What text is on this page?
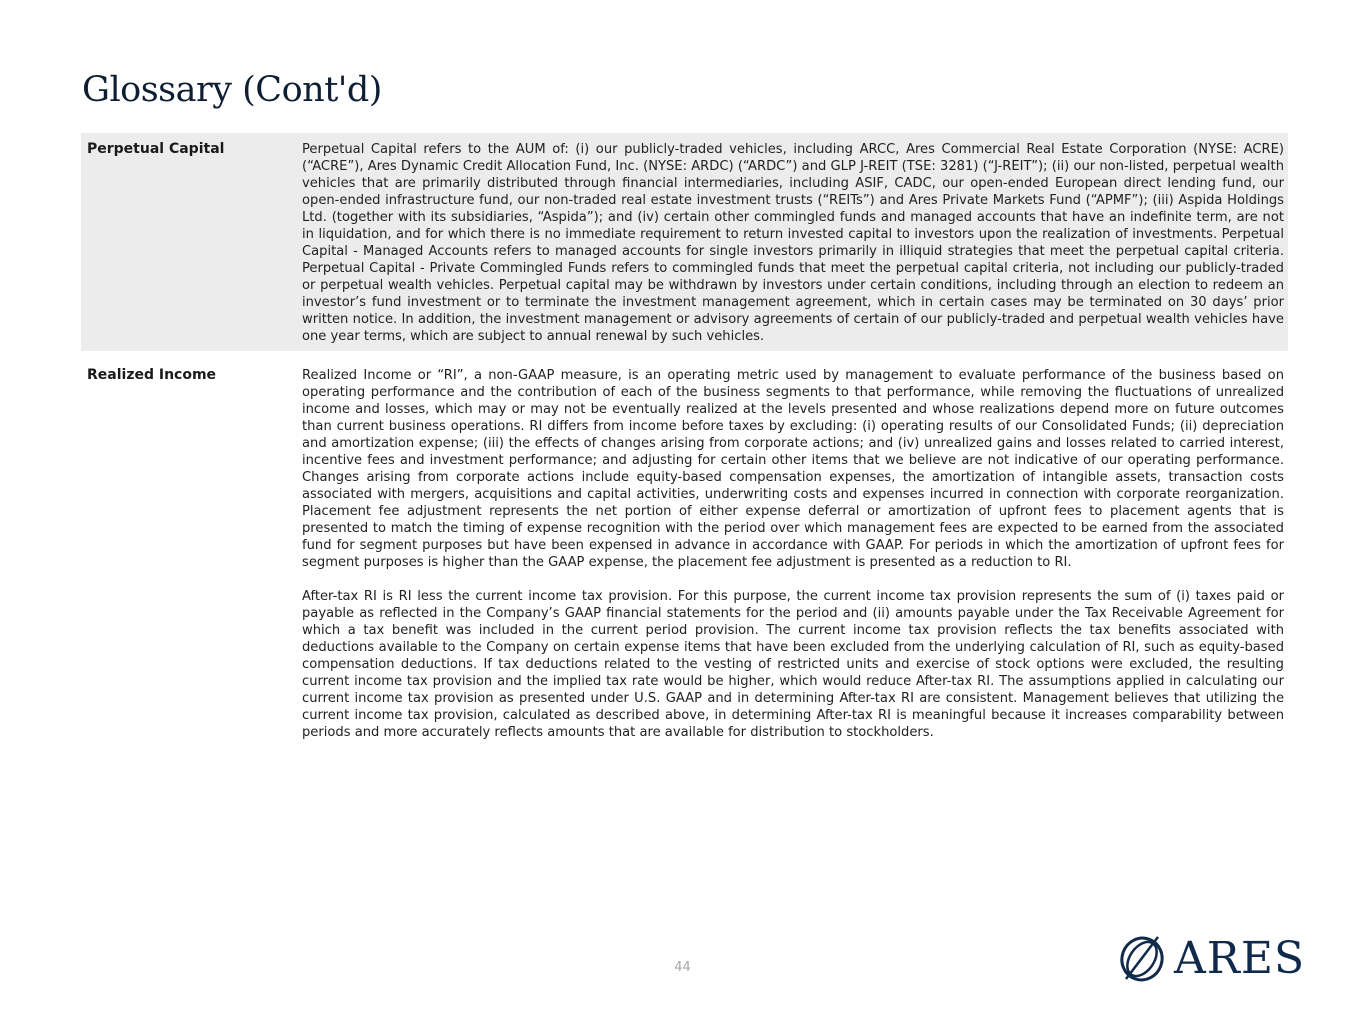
Glossary (Cont'd)
Perpetual Capital	Perpetual Capital refers to the AUM of: (i) our publicly-traded vehicles, including ARCC, Ares Commercial Real Estate Corporation (NYSE: ACRE) (“ACRE”), Ares Dynamic Credit Allocation Fund, Inc. (NYSE: ARDC) (“ARDC”) and GLP J-REIT (TSE: 3281) (“J-REIT”); (ii) our non-listed, perpetual wealth vehicles that are primarily distributed through financial intermediaries, including ASIF, CADC, our open-ended European direct lending fund, our open-ended infrastructure fund, our non-traded real estate investment trusts (“REITs”) and Ares Private Markets Fund (“APMF”); (iii) Aspida Holdings Ltd. (together with its subsidiaries, “Aspida”); and (iv) certain other commingled funds and managed accounts that have an indefinite term, are not in liquidation, and for which there is no immediate requirement to return invested capital to investors upon the realization of investments. Perpetual Capital - Managed Accounts refers to managed accounts for single investors primarily in illiquid strategies that meet the perpetual capital criteria. Perpetual Capital - Private Commingled Funds refers to commingled funds that meet the perpetual capital criteria, not including our publicly-traded or perpetual wealth vehicles. Perpetual capital may be withdrawn by investors under certain conditions, including through an election to redeem an investor’s fund investment or to terminate the investment management agreement, which in certain cases may be terminated on 30 days’ prior written notice. In addition, the investment management or advisory agreements of certain of our publicly-traded and perpetual wealth vehicles have one year terms, which are subject to annual renewal by such vehicles.

Realized Income	Realized Income or “RI”, a non-GAAP measure, is an operating metric used by management to evaluate performance of the business based on operating performance and the contribution of each of the business segments to that performance, while removing the fluctuations of unrealized income and losses, which may or may not be eventually realized at the levels presented and whose realizations depend more on future outcomes than current business operations. RI differs from income before taxes by excluding: (i) operating results of our Consolidated Funds; (ii) depreciation and amortization expense; (iii) the effects of changes arising from corporate actions; and (iv) unrealized gains and losses related to carried interest, incentive fees and investment performance; and adjusting for certain other items that we believe are not indicative of our operating performance. Changes arising from corporate actions include equity-based compensation expenses, the amortization of intangible assets, transaction costs associated with mergers, acquisitions and capital activities, underwriting costs and expenses incurred in connection with corporate reorganization. Placement fee adjustment represents the net portion of either expense deferral or amortization of upfront fees to placement agents that is presented to match the timing of expense recognition with the period over which management fees are expected to be earned from the associated fund for segment purposes but have been expensed in advance in accordance with GAAP. For periods in which the amortization of upfront fees for segment purposes is higher than the GAAP expense, the placement fee adjustment is presented as a reduction to RI.

After-tax RI is RI less the current income tax provision. For this purpose, the current income tax provision represents the sum of (i) taxes paid or payable as reflected in the Company’s GAAP financial statements for the period and (ii) amounts payable under the Tax Receivable Agreement for which a tax benefit was included in the current period provision. The current income tax provision reflects the tax benefits associated with deductions available to the Company on certain expense items that have been excluded from the underlying calculation of RI, such as equity-based compensation deductions. If tax deductions related to the vesting of restricted units and exercise of stock options were excluded, the resulting current income tax provision and the implied tax rate would be higher, which would reduce After-tax RI. The assumptions applied in calculating our current income tax provision as presented under U.S. GAAP and in determining After-tax RI are consistent. Management believes that utilizing the current income tax provision, calculated as described above, in determining After-tax RI is meaningful because it increases comparability between periods and more accurately reflects amounts that are available for distribution to stockholders.

44	ARES
